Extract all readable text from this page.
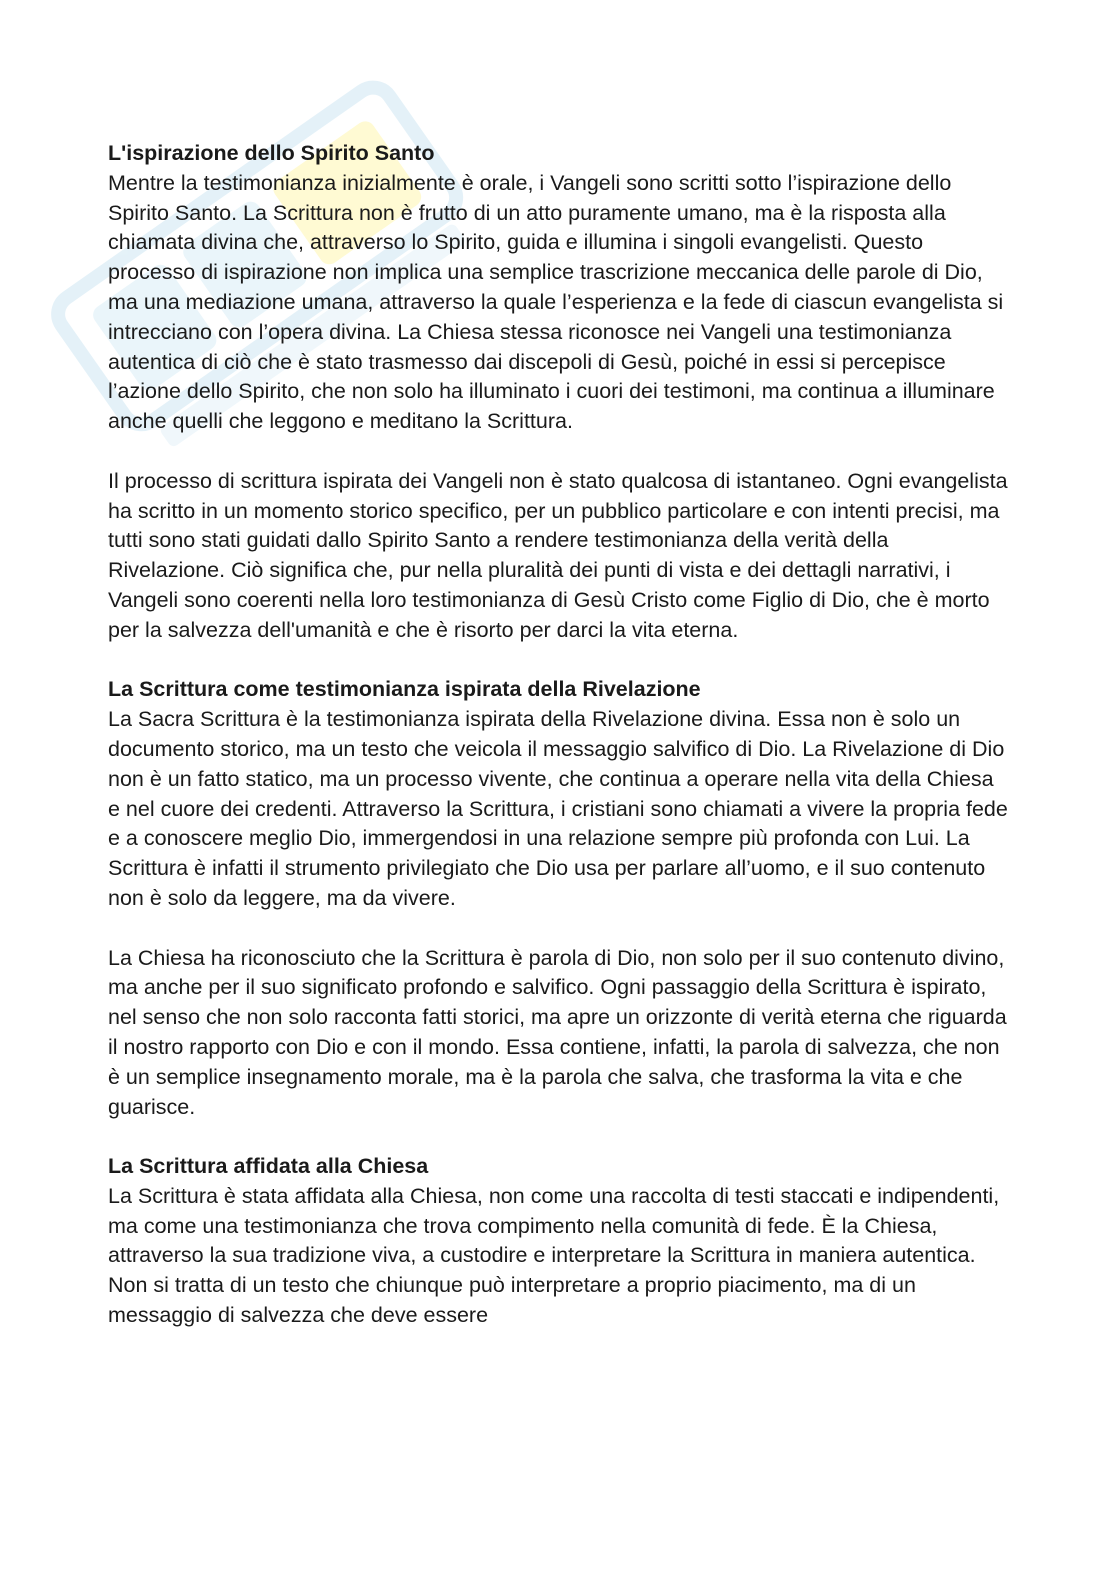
L'ispirazione dello Spirito Santo

Mentre la testimonianza inizialmente è orale, i Vangeli sono scritti sotto l’ispirazione dello Spirito Santo. La Scrittura non è frutto di un atto puramente umano, ma è la risposta alla chiamata divina che, attraverso lo Spirito, guida e illumina i singoli evangelisti. Questo processo di ispirazione non implica una semplice trascrizione meccanica delle parole di Dio, ma una mediazione umana, attraverso la quale l’esperienza e la fede di ciascun evangelista si intrecciano con l’opera divina. La Chiesa stessa riconosce nei Vangeli una testimonianza autentica di ciò che è stato trasmesso dai discepoli di Gesù, poiché in essi si percepisce l’azione dello Spirito, che non solo ha illuminato i cuori dei testimoni, ma continua a illuminare anche quelli che leggono e meditano la Scrittura.

Il processo di scrittura ispirata dei Vangeli non è stato qualcosa di istantaneo. Ogni evangelista ha scritto in un momento storico specifico, per un pubblico particolare e con intenti precisi, ma tutti sono stati guidati dallo Spirito Santo a rendere testimonianza della verità della Rivelazione. Ciò significa che, pur nella pluralità dei punti di vista e dei dettagli narrativi, i Vangeli sono coerenti nella loro testimonianza di Gesù Cristo come Figlio di Dio, che è morto per la salvezza dell'umanità e che è risorto per darci la vita eterna.

La Scrittura come testimonianza ispirata della Rivelazione

La Sacra Scrittura è la testimonianza ispirata della Rivelazione divina. Essa non è solo un documento storico, ma un testo che veicola il messaggio salvifico di Dio. La Rivelazione di Dio non è un fatto statico, ma un processo vivente, che continua a operare nella vita della Chiesa e nel cuore dei credenti. Attraverso la Scrittura, i cristiani sono chiamati a vivere la propria fede e a conoscere meglio Dio, immergendosi in una relazione sempre più profonda con Lui. La Scrittura è infatti il strumento privilegiato che Dio usa per parlare all’uomo, e il suo contenuto non è solo da leggere, ma da vivere.

La Chiesa ha riconosciuto che la Scrittura è parola di Dio, non solo per il suo contenuto divino, ma anche per il suo significato profondo e salvifico. Ogni passaggio della Scrittura è ispirato, nel senso che non solo racconta fatti storici, ma apre un orizzonte di verità eterna che riguarda il nostro rapporto con Dio e con il mondo. Essa contiene, infatti, la parola di salvezza, che non è un semplice insegnamento morale, ma è la parola che salva, che trasforma la vita e che guarisce.

La Scrittura affidata alla Chiesa

La Scrittura è stata affidata alla Chiesa, non come una raccolta di testi staccati e indipendenti, ma come una testimonianza che trova compimento nella comunità di fede. È la Chiesa, attraverso la sua tradizione viva, a custodire e interpretare la Scrittura in maniera autentica. Non si tratta di un testo che chiunque può interpretare a proprio piacimento, ma di un messaggio di salvezza che deve essere
